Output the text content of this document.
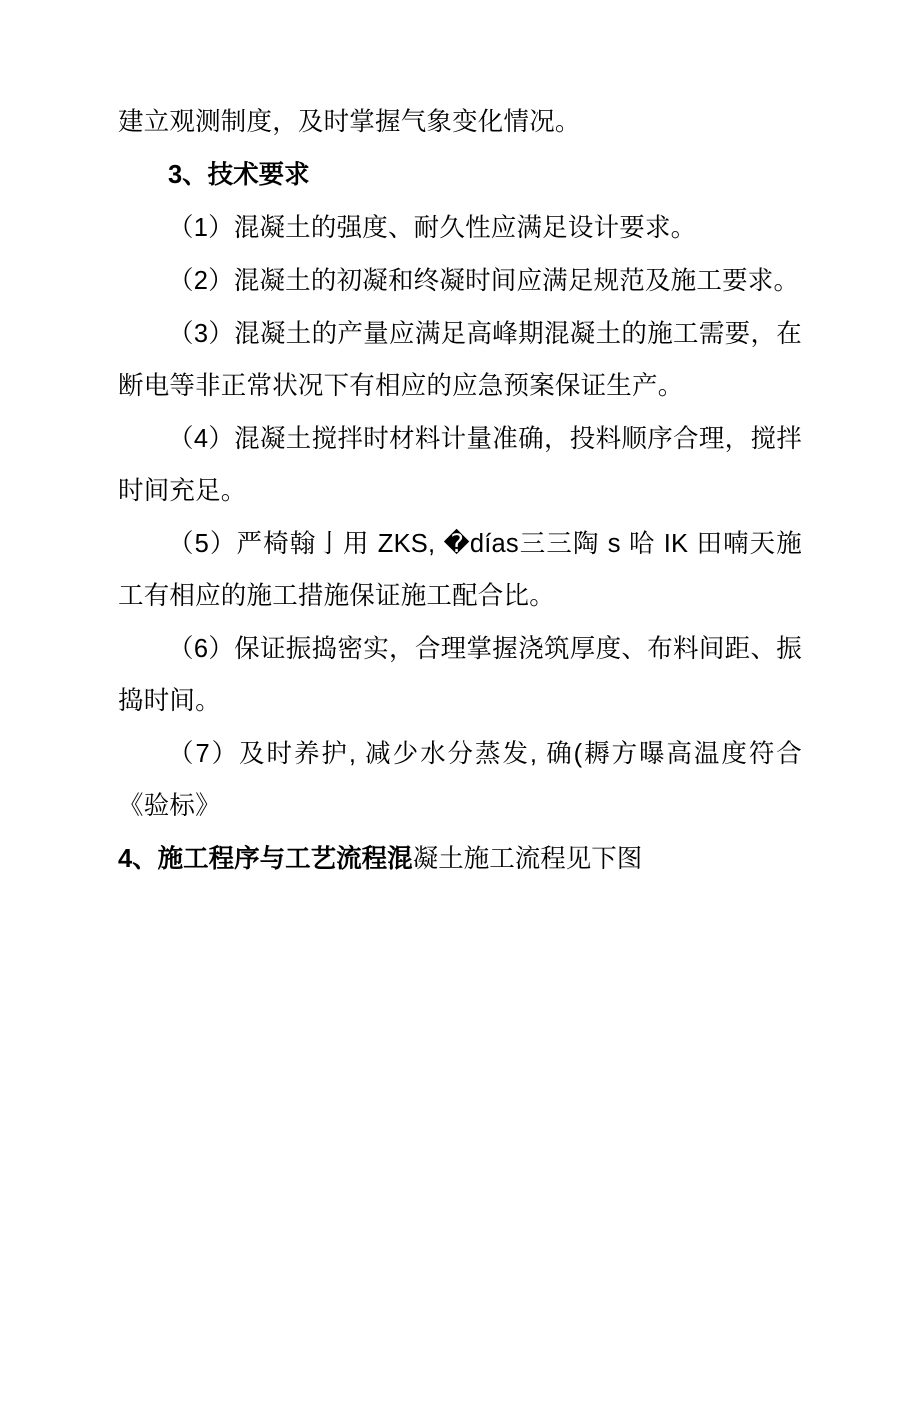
建立观测制度，及时掌握气象变化情况。

3、技术要求

（1）混凝土的强度、耐久性应满足设计要求。

（2）混凝土的初凝和终凝时间应满足规范及施工要求。

（3）混凝土的产量应满足高峰期混凝土的施工需要，在断电等非正常状况下有相应的应急预案保证生产。

（4）混凝土搅拌时材料计量准确，投料顺序合理，搅拌时间充足。

（5）严椅翰亅用 ZKS, �días三三陶 s 哈 IK 田喃天施工有相应的施工措施保证施工配合比。

（6）保证振捣密实，合理掌握浇筑厚度、布料间距、振捣时间。

（7）及时养护, 减少水分蒸发, 确(耨方曝高温度符合《验标》

4、施工程序与工艺流程混凝土施工流程见下图
